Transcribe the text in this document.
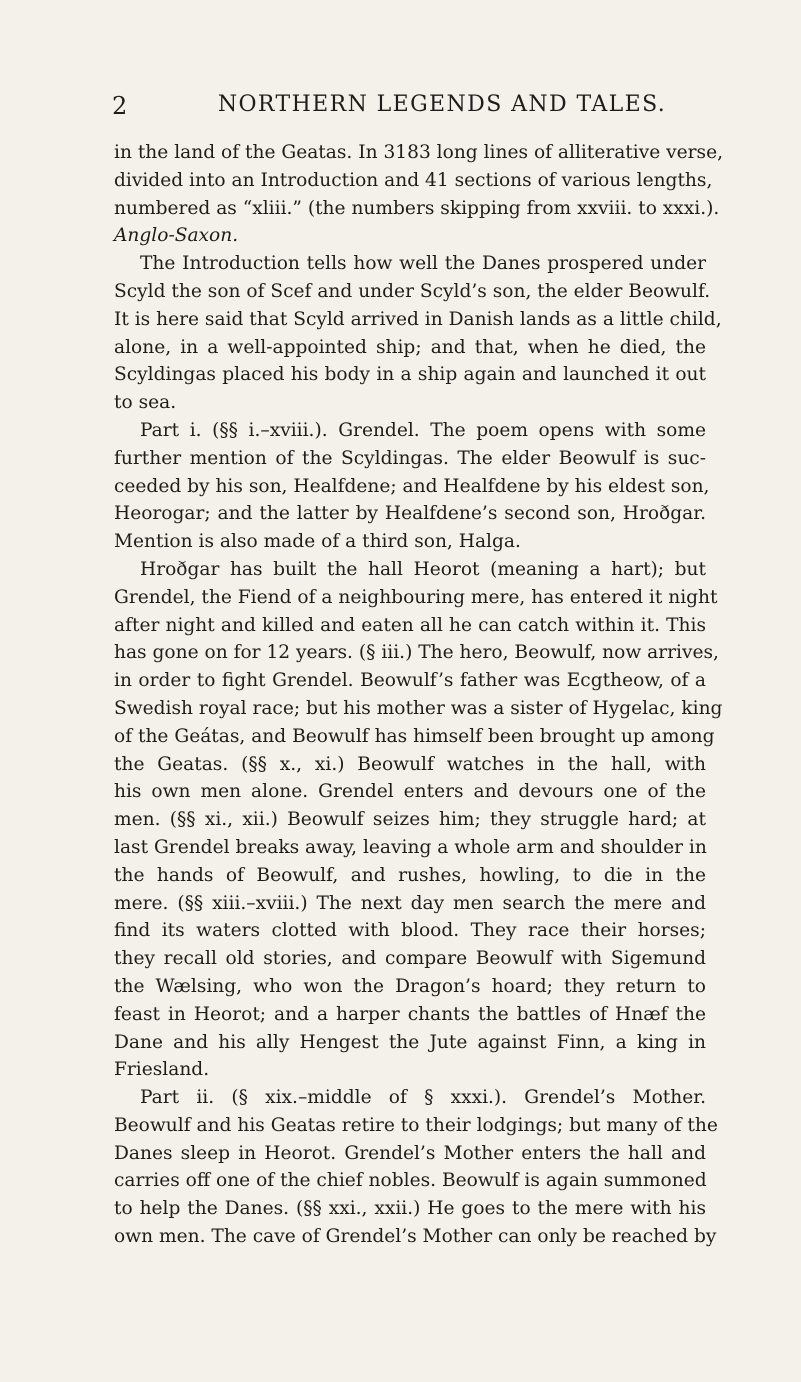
2	NORTHERN LEGENDS AND TALES.
in the land of the Geatas. In 3183 long lines of alliterative verse,
divided into an Introduction and 41 sections of various lengths,
numbered as “xliii.” (the numbers skipping from xxviii. to xxxi.).
Anglo-Saxon.
The Introduction tells how well the Danes prospered under
Scyld the son of Scef and under Scyld’s son, the elder Beowulf.
It is here said that Scyld arrived in Danish lands as a little child,
alone, in a well-appointed ship; and that, when he died, the
Scyldingas placed his body in a ship again and launched it out
to sea.
Part i. (§§ i.–xviii.). Grendel. The poem opens with some
further mention of the Scyldingas. The elder Beowulf is suc-
ceeded by his son, Healfdene; and Healfdene by his eldest son,
Heorogar; and the latter by Healfdene’s second son, Hroðgar.
Mention is also made of a third son, Halga.
Hroðgar has built the hall Heorot (meaning a hart); but
Grendel, the Fiend of a neighbouring mere, has entered it night
after night and killed and eaten all he can catch within it. This
has gone on for 12 years. (§ iii.) The hero, Beowulf, now arrives,
in order to fight Grendel. Beowulf’s father was Ecgtheow, of a
Swedish royal race; but his mother was a sister of Hygelac, king
of the Geátas, and Beowulf has himself been brought up among
the Geatas. (§§ x., xi.) Beowulf watches in the hall, with
his own men alone. Grendel enters and devours one of the
men. (§§ xi., xii.) Beowulf seizes him; they struggle hard; at
last Grendel breaks away, leaving a whole arm and shoulder in
the hands of Beowulf, and rushes, howling, to die in the
mere. (§§ xiii.–xviii.) The next day men search the mere and
find its waters clotted with blood. They race their horses;
they recall old stories, and compare Beowulf with Sigemund
the Wælsing, who won the Dragon’s hoard; they return to
feast in Heorot; and a harper chants the battles of Hnæf the
Dane and his ally Hengest the Jute against Finn, a king in
Friesland.
Part ii. (§ xix.–middle of § xxxi.). Grendel’s Mother.
Beowulf and his Geatas retire to their lodgings; but many of the
Danes sleep in Heorot. Grendel’s Mother enters the hall and
carries off one of the chief nobles. Beowulf is again summoned
to help the Danes. (§§ xxi., xxii.) He goes to the mere with his
own men. The cave of Grendel’s Mother can only be reached by
